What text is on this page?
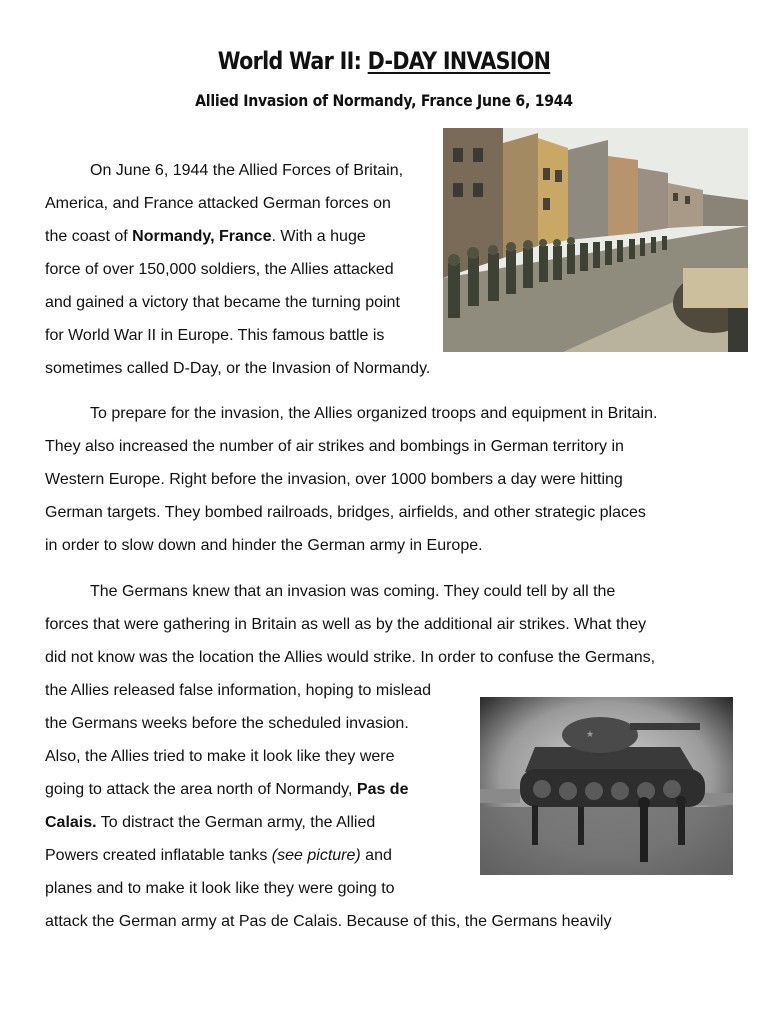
World War II: D-DAY INVASION
Allied Invasion of Normandy, France June 6, 1944
On June 6, 1944 the Allied Forces of Britain,
America, and France attacked German forces on
the coast of Normandy, France. With a huge
force of over 150,000 soldiers, the Allies attacked
and gained a victory that became the turning point
for World War II in Europe. This famous battle is
sometimes called D-Day, or the Invasion of Normandy.
To prepare for the invasion, the Allies organized troops and equipment in Britain.
They also increased the number of air strikes and bombings in German territory in
Western Europe. Right before the invasion, over 1000 bombers a day were hitting
German targets. They bombed railroads, bridges, airfields, and other strategic places
in order to slow down and hinder the German army in Europe.
The Germans knew that an invasion was coming. They could tell by all the
forces that were gathering in Britain as well as by the additional air strikes. What they
did not know was the location the Allies would strike. In order to confuse the Germans,
the Allies released false information, hoping to mislead
the Germans weeks before the scheduled invasion.
Also, the Allies tried to make it look like they were
going to attack the area north of Normandy, Pas de
Calais. To distract the German army, the Allied
Powers created inflatable tanks (see picture) and
planes and to make it look like they were going to
attack the German army at Pas de Calais. Because of this, the Germans heavily
★
